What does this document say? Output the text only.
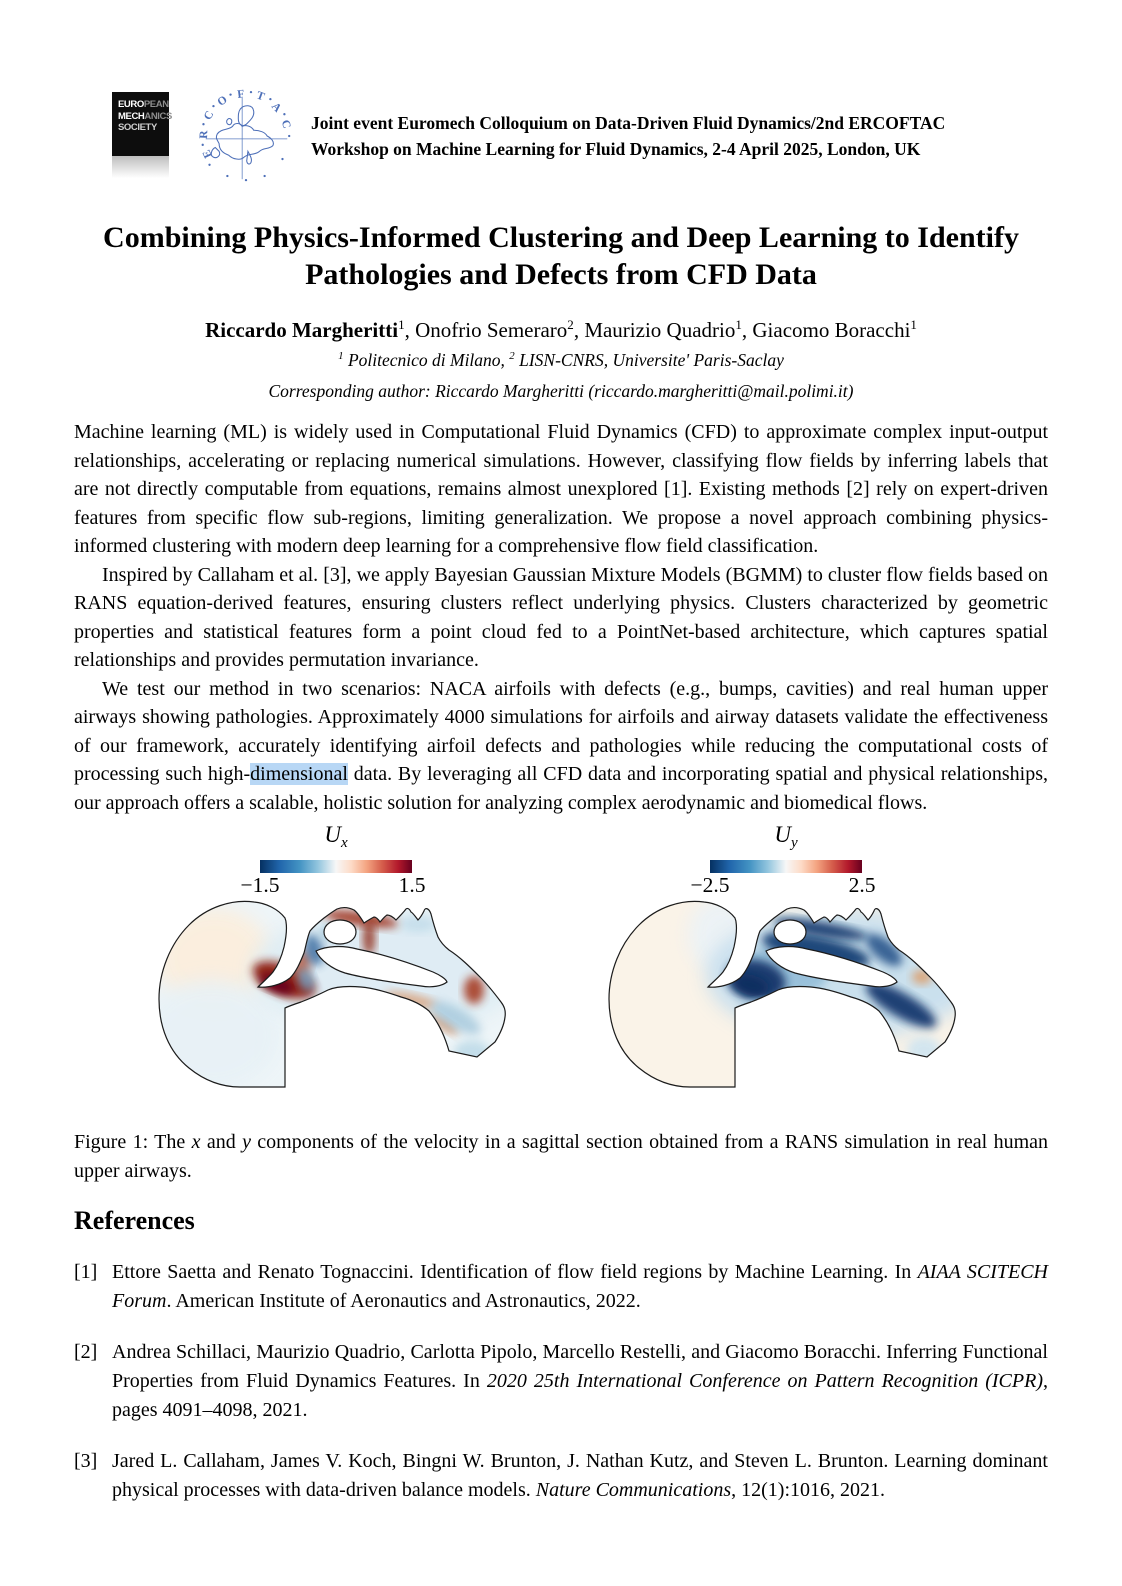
EUROPEAN
MECHANICS
SOCIETY
E
R
C
O F T
A
C Joint event Euromech Colloquium on Data-Driven Fluid Dynamics/2nd ERCOFTAC Workshop on Machine Learning for Fluid Dynamics, 2-4 April 2025, London, UK
Combining Physics-Informed Clustering and Deep Learning to Identify Pathologies and Defects from CFD Data
Riccardo Margheritti$^1$, Onofrio Semeraro$^2$, Maurizio Quadrio$^1$, Giacomo Boracchi$^1$
$^1$ Politecnico di Milano, $^2$ LISN-CNRS, Universite' Paris-Saclay
Corresponding author: Riccardo Margheritti (riccardo.margheritti@mail.polimi.it)

Machine learning (ML) is widely used in Computational Fluid Dynamics (CFD) to approximate complex input-output relationships, accelerating or replacing numerical simulations. However, classifying flow fields by inferring labels that are not directly computable from equations, remains almost unexplored [1]. Existing methods [2] rely on expert-driven features from specific flow sub-regions, limiting generalization. We propose a novel approach combining physics-informed clustering with modern deep learning for a comprehensive flow field classification.

Inspired by Callaham et al. [3], we apply Bayesian Gaussian Mixture Models (BGMM) to cluster flow fields based on RANS equation-derived features, ensuring clusters reflect underlying physics. Clusters characterized by geometric properties and statistical features form a point cloud fed to a PointNet-based architecture, which captures spatial relationships and provides permutation invariance.

We test our method in two scenarios: NACA airfoils with defects (e.g., bumps, cavities) and real human upper airways showing pathologies. Approximately 4000 simulations for airfoils and airway datasets validate the effectiveness of our framework, accurately identifying airfoil defects and pathologies while reducing the computational costs of processing such high-dimensional data. By leveraging all CFD data and incorporating spatial and physical relationships, our approach offers a scalable, holistic solution for analyzing complex aerodynamic and biomedical flows.

$U_x$
−1.5	1.5
$U_y$
−2.5	2.5
Figure 1: The x and y components of the velocity in a sagittal section obtained from a RANS simulation in real human upper airways.
References
[1] Ettore Saetta and Renato Tognaccini. Identification of flow field regions by Machine Learning. In AIAA SCITECH Forum. American Institute of Aeronautics and Astronautics, 2022.
[2] Andrea Schillaci, Maurizio Quadrio, Carlotta Pipolo, Marcello Restelli, and Giacomo Boracchi. Inferring Functional Properties from Fluid Dynamics Features. In 2020 25th International Conference on Pattern Recognition (ICPR), pages 4091–4098, 2021.
[3] Jared L. Callaham, James V. Koch, Bingni W. Brunton, J. Nathan Kutz, and Steven L. Brunton. Learning dominant physical processes with data-driven balance models. Nature Communications, 12(1):1016, 2021.
